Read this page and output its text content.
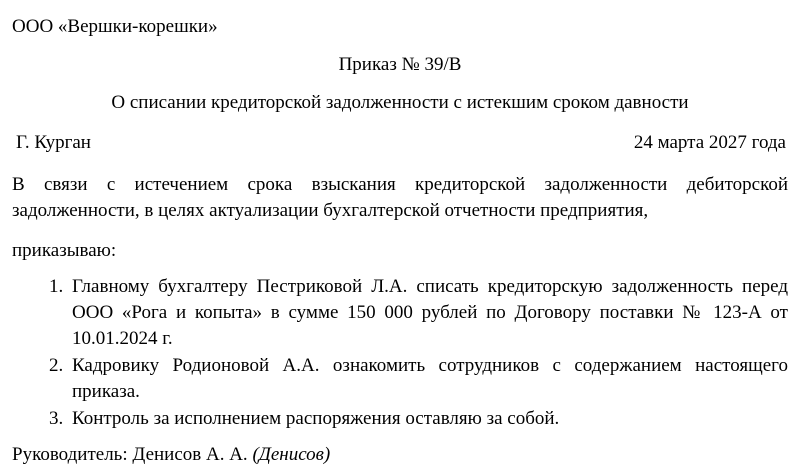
ООО «Вершки-корешки»
Приказ № 39/В
О списании кредиторской задолженности с истекшим сроком давности
Г. Курган	24 марта 2027 года
В связи с истечением срока взыскания кредиторской задолженности дебиторской задолженности, в целях актуализации бухгалтерской отчетности предприятия,
приказываю:
1. Главному бухгалтеру Пестриковой Л.А. списать кредиторскую задолженность перед ООО «Рога и копыта» в сумме 150 000 рублей по Договору поставки № 123-А от 10.01.2024 г.
2. Кадровику Родионовой А.А. ознакомить сотрудников с содержанием настоящего приказа.
3. Контроль за исполнением распоряжения оставляю за собой.
Руководитель: Денисов А. А. (Денисов)
